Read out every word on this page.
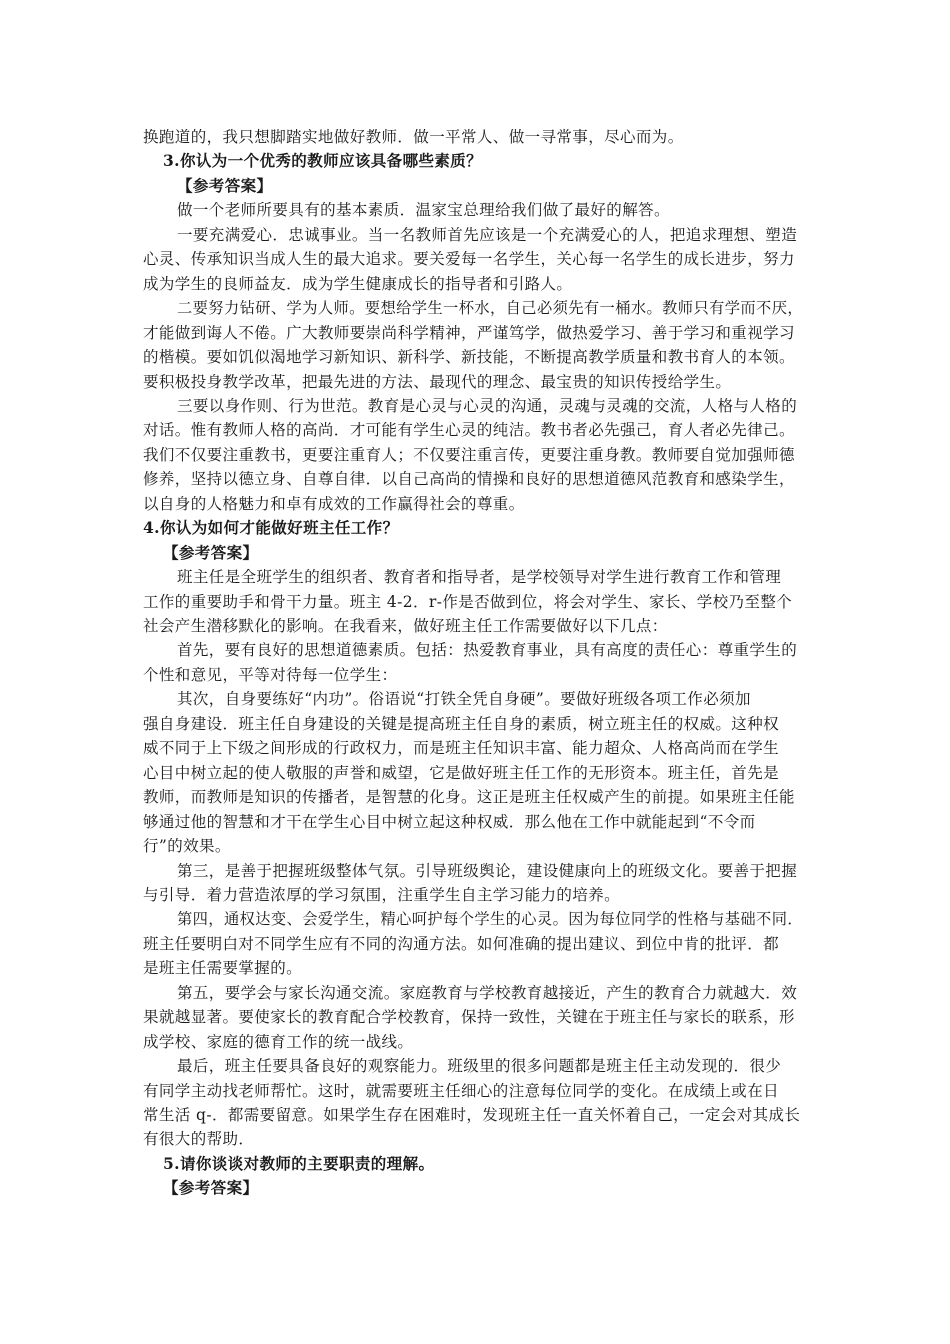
换跑道的，我只想脚踏实地做好教师．做一平常人、做一寻常事，尽心而为。
3.你认为一个优秀的教师应该具备哪些素质？
【参考答案】
做一个老师所要具有的基本素质．温家宝总理给我们做了最好的解答。
一要充满爱心．忠诚事业。当一名教师首先应该是一个充满爱心的人，把追求理想、塑造
心灵、传承知识当成人生的最大追求。要关爱每一名学生，关心每一名学生的成长进步，努力
成为学生的良师益友．成为学生健康成长的指导者和引路人。
二要努力钻研、学为人师。要想给学生一杯水，自己必须先有一桶水。教师只有学而不厌，
才能做到诲人不倦。广大教师要崇尚科学精神，严谨笃学，做热爱学习、善于学习和重视学习
的楷模。要如饥似渴地学习新知识、新科学、新技能，不断提高教学质量和教书育人的本领。
要积极投身教学改革，把最先进的方法、最现代的理念、最宝贵的知识传授给学生。
三要以身作则、行为世范。教育是心灵与心灵的沟通，灵魂与灵魂的交流，人格与人格的
对话。惟有教师人格的高尚．才可能有学生心灵的纯洁。教书者必先强己，育人者必先律己。
我们不仅要注重教书，更要注重育人；不仅要注重言传，更要注重身教。教师要自觉加强师德
修养，坚持以德立身、自尊自律．以自己高尚的情操和良好的思想道德风范教育和感染学生，
以自身的人格魅力和卓有成效的工作赢得社会的尊重。
4.你认为如何才能做好班主任工作？
【参考答案】
班主任是全班学生的组织者、教育者和指导者，是学校领导对学生进行教育工作和管理
工作的重要助手和骨干力量。班主 4-2．r-作是否做到位，将会对学生、家长、学校乃至整个
社会产生潜移默化的影响。在我看来，做好班主任工作需要做好以下几点：
首先，要有良好的思想道德素质。包括：热爱教育事业，具有高度的责任心：尊重学生的
个性和意见，平等对待每一位学生：
其次，自身要练好“内功”。俗语说“打铁全凭自身硬”。要做好班级各项工作必须加
强自身建设．班主任自身建设的关键是提高班主任自身的素质，树立班主任的权威。这种权
威不同于上下级之间形成的行政权力，而是班主任知识丰富、能力超众、人格高尚而在学生
心目中树立起的使人敬服的声誉和威望，它是做好班主任工作的无形资本。班主任，首先是
教师，而教师是知识的传播者，是智慧的化身。这正是班主任权威产生的前提。如果班主任能
够通过他的智慧和才干在学生心目中树立起这种权威．那么他在工作中就能起到“不令而
行”的效果。
第三，是善于把握班级整体气氛。引导班级舆论，建设健康向上的班级文化。要善于把握
与引导．着力营造浓厚的学习氛围，注重学生自主学习能力的培养。
第四，通权达变、会爱学生，精心呵护每个学生的心灵。因为每位同学的性格与基础不同．
班主任要明白对不同学生应有不同的沟通方法。如何准确的提出建议、到位中肯的批评．都
是班主任需要掌握的。
第五，要学会与家长沟通交流。家庭教育与学校教育越接近，产生的教育合力就越大．效
果就越显著。要使家长的教育配合学校教育，保持一致性，关键在于班主任与家长的联系，形
成学校、家庭的德育工作的统一战线。
最后，班主任要具备良好的观察能力。班级里的很多问题都是班主任主动发现的．很少
有同学主动找老师帮忙。这时，就需要班主任细心的注意每位同学的变化。在成绩上或在日
常生活 q-．都需要留意。如果学生存在困难时，发现班主任一直关怀着自己，一定会对其成长
有很大的帮助．
5.请你谈谈对教师的主要职责的理解。
【参考答案】
